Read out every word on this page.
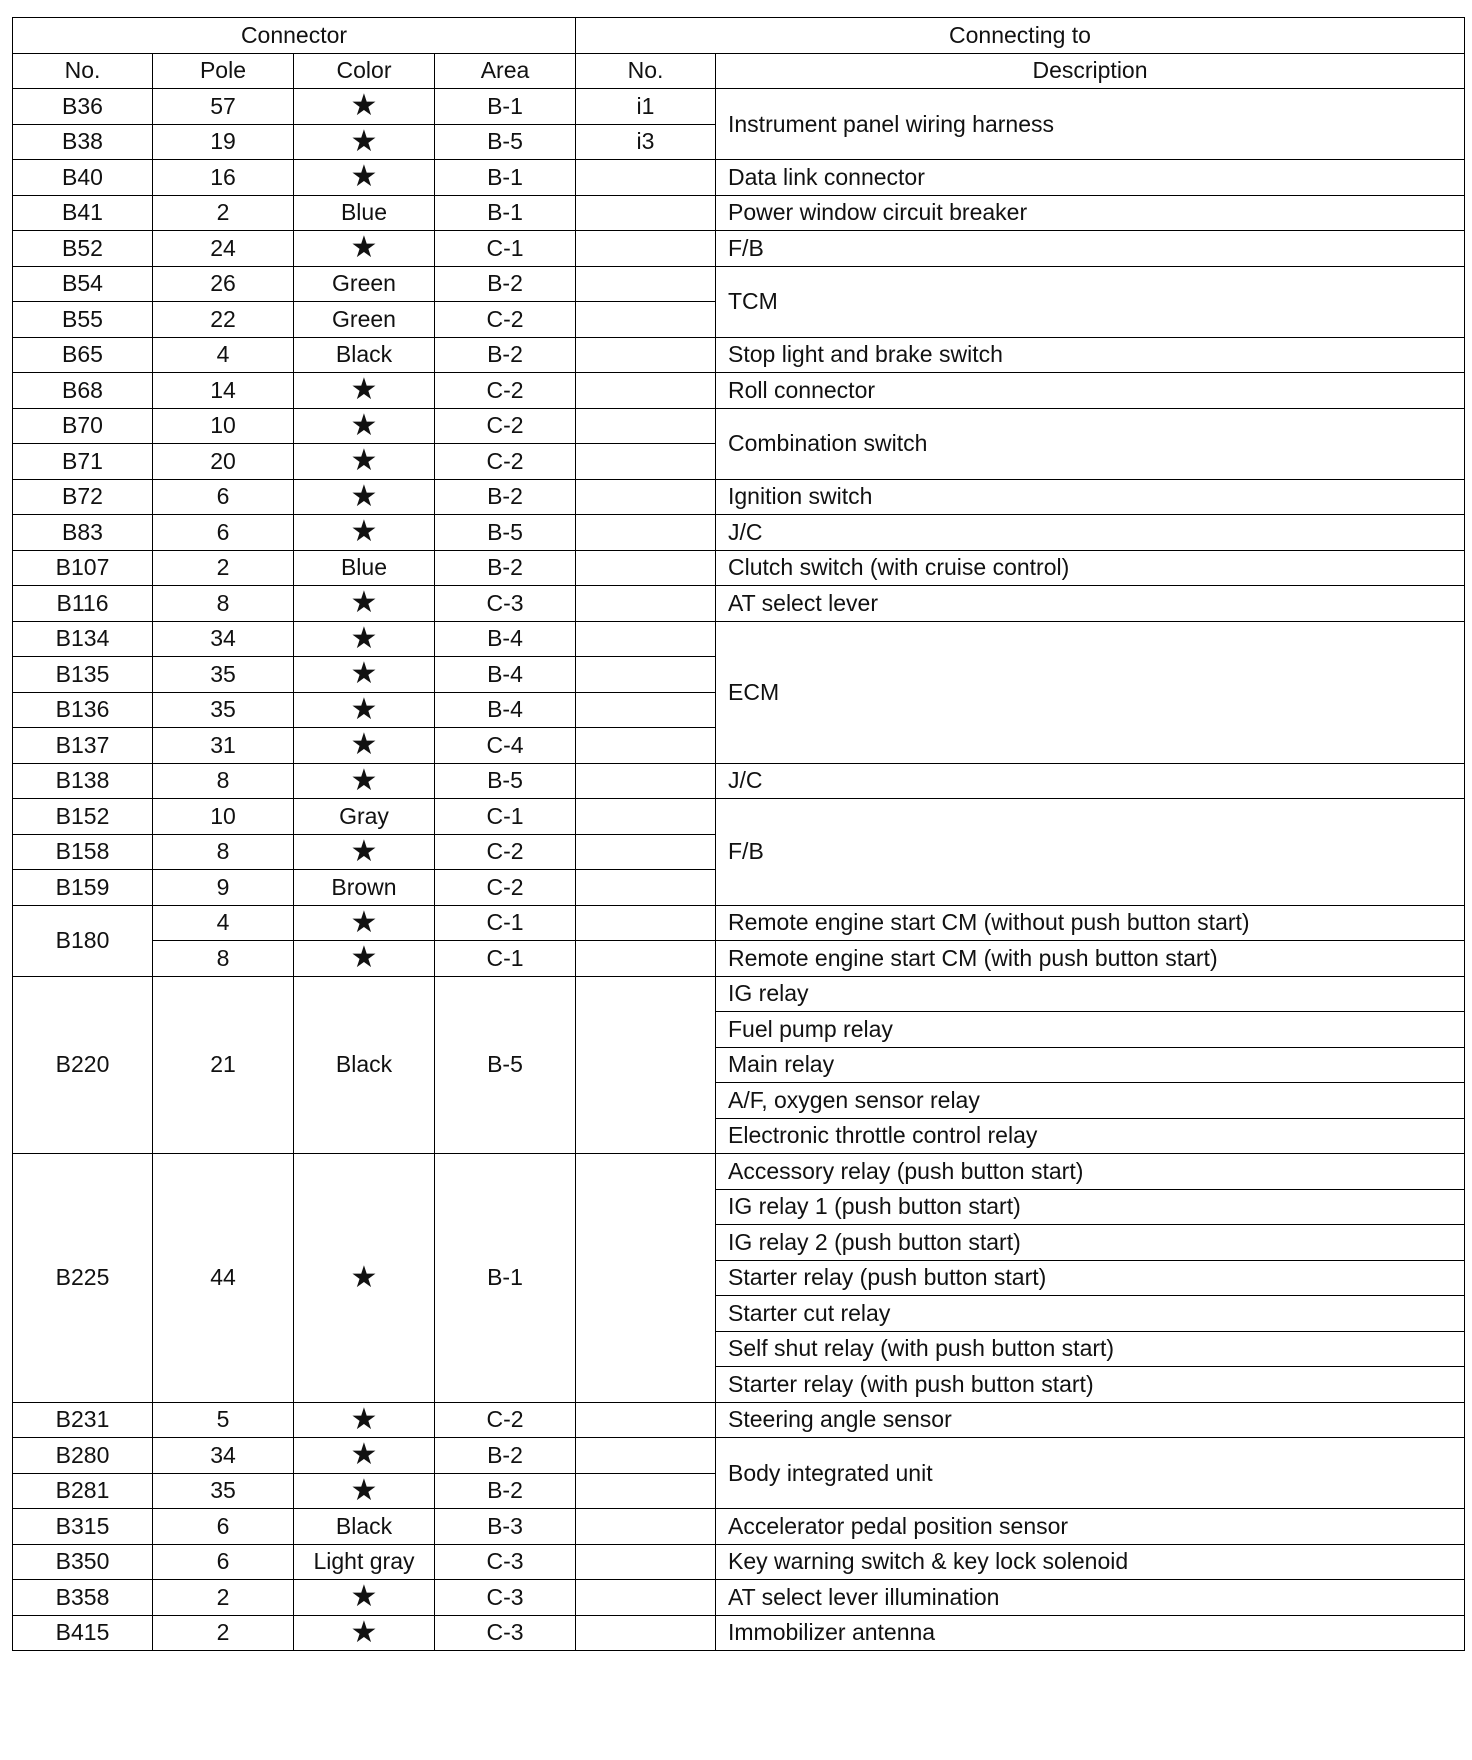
Connector				Connecting to	
No.	Pole	Color	Area	No.	Description
B36	57	★	B-1	i1	Instrument panel wiring harness
B38	19	★	B-5	i3	
B40	16	★	B-1		Data link connector
B41	2	Blue	B-1		Power window circuit breaker
B52	24	★	C-1		F/B
B54	26	Green	B-2		TCM
B55	22	Green	C-2		
B65	4	Black	B-2		Stop light and brake switch
B68	14	★	C-2		Roll connector
B70	10	★	C-2		Combination switch
B71	20	★	C-2		
B72	6	★	B-2		Ignition switch
B83	6	★	B-5		J/C
B107	2	Blue	B-2		Clutch switch (with cruise control)
B116	8	★	C-3		AT select lever
B134	34	★	B-4		ECM
B135	35	★	B-4		
B136	35	★	B-4		
B137	31	★	C-4		
B138	8	★	B-5		J/C
B152	10	Gray	C-1		F/B
B158	8	★	C-2		
B159	9	Brown	C-2		
B180	4	★	C-1		Remote engine start CM (without push button start)
	8	★	C-1		Remote engine start CM (with push button start)
B220	21	Black	B-5		IG relay
					Fuel pump relay
					Main relay
					A/F, oxygen sensor relay
					Electronic throttle control relay
B225	44	★	B-1		Accessory relay (push button start)
					IG relay 1 (push button start)
					IG relay 2 (push button start)
					Starter relay (push button start)
					Starter cut relay
					Self shut relay (with push button start)
					Starter relay (with push button start)
B231	5	★	C-2		Steering angle sensor
B280	34	★	B-2		Body integrated unit
B281	35	★	B-2		
B315	6	Black	B-3		Accelerator pedal position sensor
B350	6	Light gray	C-3		Key warning switch & key lock solenoid
B358	2	★	C-3		AT select lever illumination
B415	2	★	C-3		Immobilizer antenna
